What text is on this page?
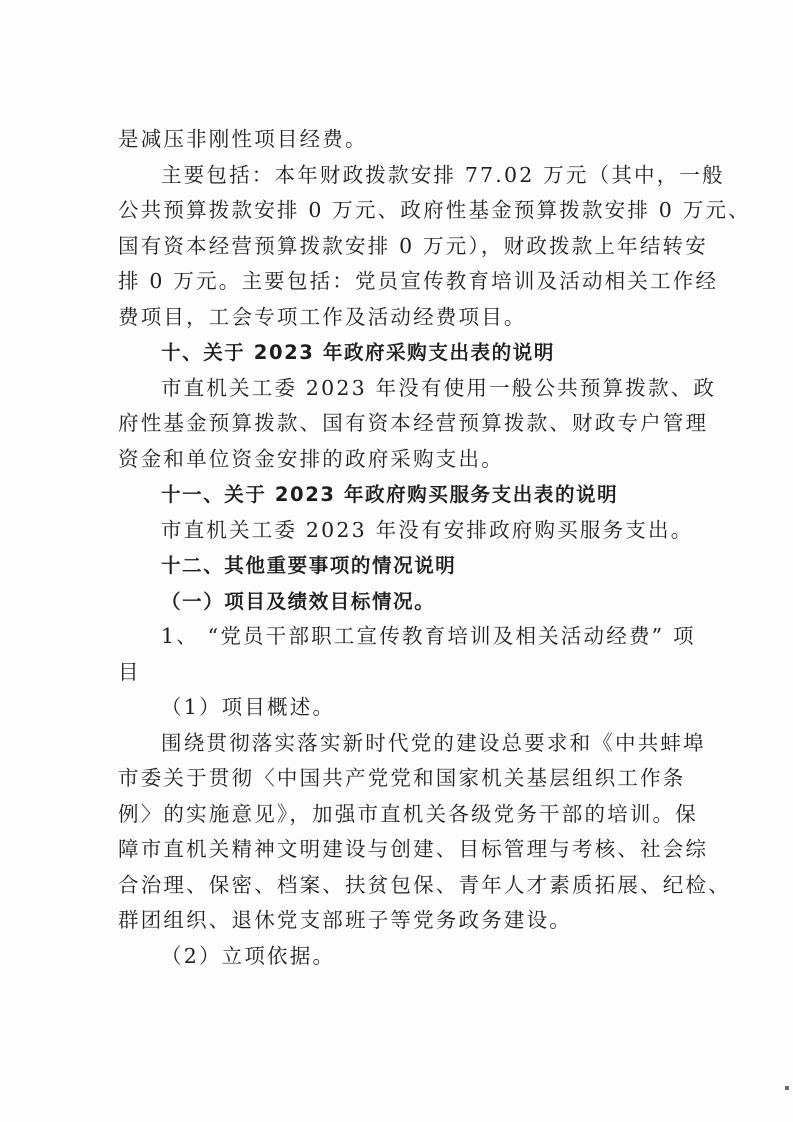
是减压非刚性项目经费。
主要包括：本年财政拨款安排 77.02 万元（其中，一般
公共预算拨款安排 0 万元、政府性基金预算拨款安排 0 万元、
国有资本经营预算拨款安排 0 万元），财政拨款上年结转安
排 0 万元。主要包括：党员宣传教育培训及活动相关工作经
费项目，工会专项工作及活动经费项目。
十、关于 2023 年政府采购支出表的说明
市直机关工委 2023 年没有使用一般公共预算拨款、政
府性基金预算拨款、国有资本经营预算拨款、财政专户管理
资金和单位资金安排的政府采购支出。
十一、关于 2023 年政府购买服务支出表的说明
市直机关工委 2023 年没有安排政府购买服务支出。
十二、其他重要事项的情况说明
（一）项目及绩效目标情况。
1、 “党员干部职工宣传教育培训及相关活动经费” 项
目
（1）项目概述。
围绕贯彻落实落实新时代党的建设总要求和《中共蚌埠
市委关于贯彻〈中国共产党党和国家机关基层组织工作条
例〉的实施意见》，加强市直机关各级党务干部的培训。保
障市直机关精神文明建设与创建、目标管理与考核、社会综
合治理、保密、档案、扶贫包保、青年人才素质拓展、纪检、
群团组织、退休党支部班子等党务政务建设。
（2）立项依据。
